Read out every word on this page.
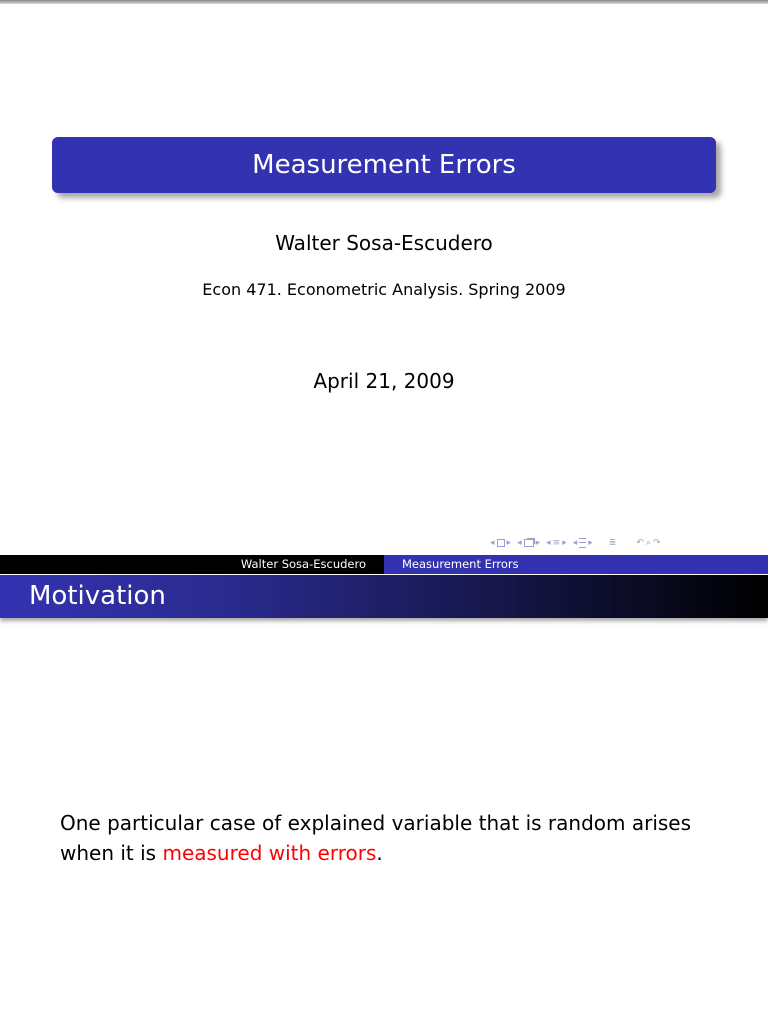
Measurement Errors
Walter Sosa-Escudero
Econ 471. Econometric Analysis. Spring 2009
April 21, 2009
◂ ▸ ◂ ▸ ◂ ≡ ▸ ◂ ▸ ≣ ↶ ⌕ ↷
Walter Sosa-Escudero	Measurement Errors
Motivation
One particular case of explained variable that is random arises when it is measured with errors.
